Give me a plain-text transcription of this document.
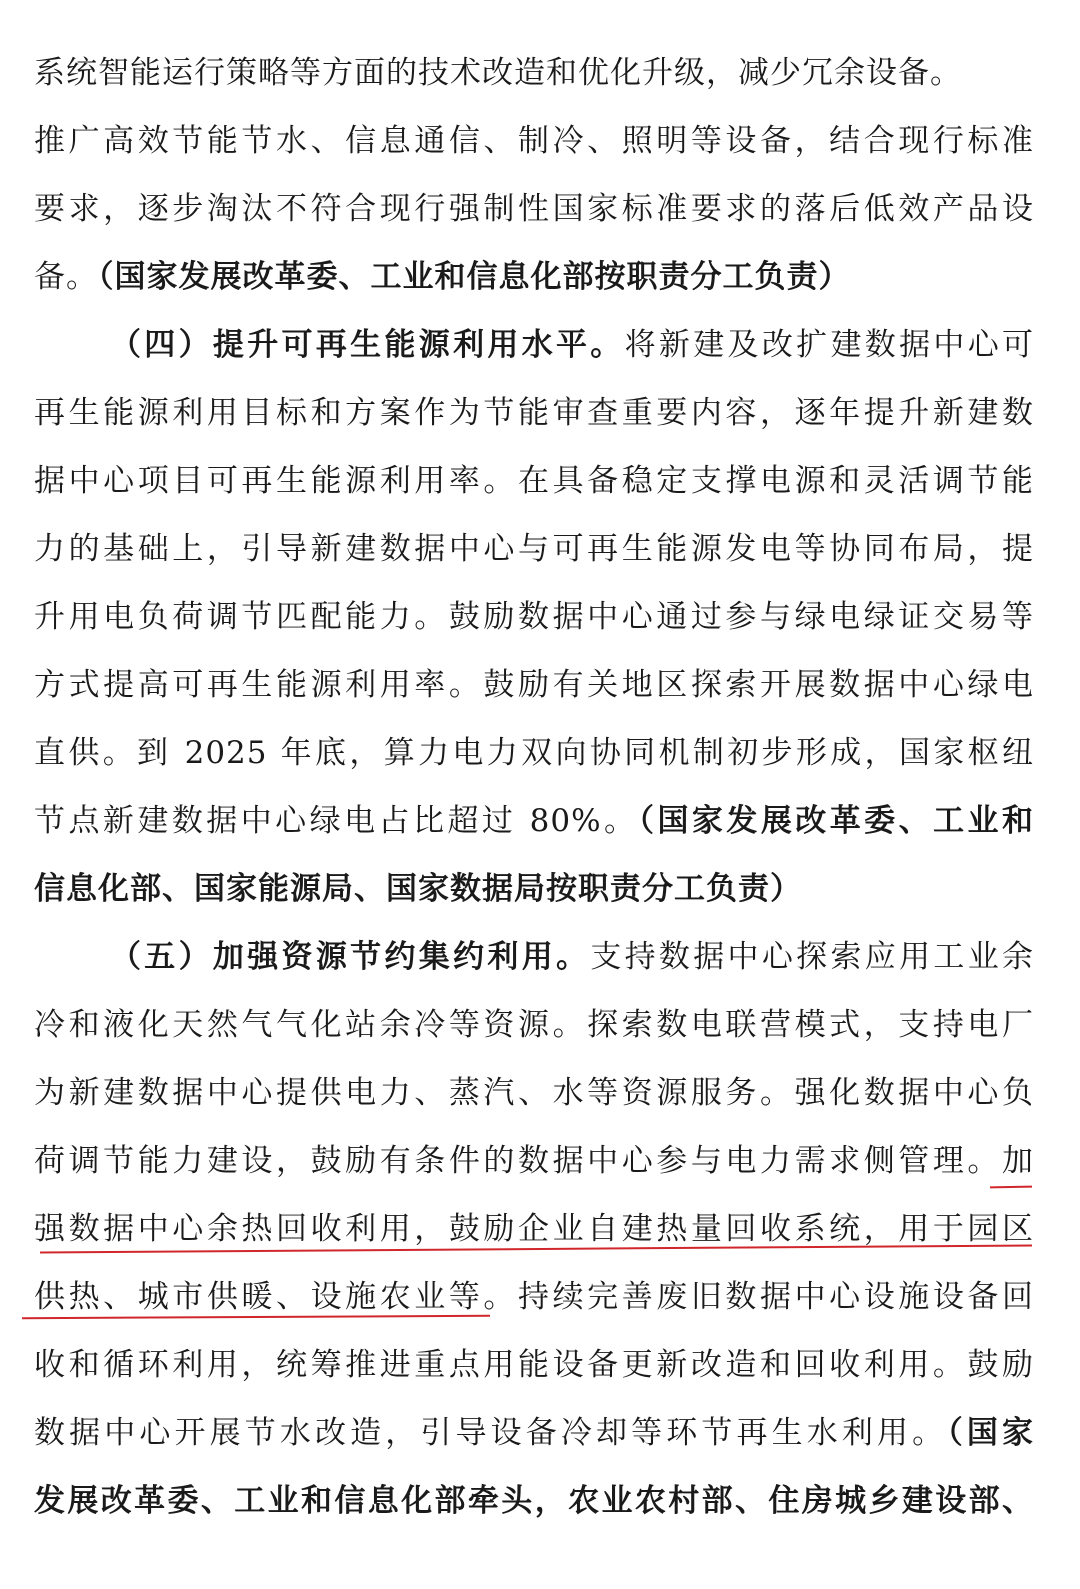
系统智能运行策略等方面的技术改造和优化升级，减少冗余设备。
推广高效节能节水、信息通信、制冷、照明等设备，结合现行标准
要求，逐步淘汰不符合现行强制性国家标准要求的落后低效产品设
备。（国家发展改革委、工业和信息化部按职责分工负责）
（四）提升可再生能源利用水平。将新建及改扩建数据中心可
再生能源利用目标和方案作为节能审查重要内容，逐年提升新建数
据中心项目可再生能源利用率。在具备稳定支撑电源和灵活调节能
力的基础上，引导新建数据中心与可再生能源发电等协同布局，提
升用电负荷调节匹配能力。鼓励数据中心通过参与绿电绿证交易等
方式提高可再生能源利用率。鼓励有关地区探索开展数据中心绿电
直供。到 2025 年底，算力电力双向协同机制初步形成，国家枢纽
节点新建数据中心绿电占比超过 80%。（国家发展改革委、工业和
信息化部、国家能源局、国家数据局按职责分工负责）
（五）加强资源节约集约利用。支持数据中心探索应用工业余
冷和液化天然气气化站余冷等资源。探索数电联营模式，支持电厂
为新建数据中心提供电力、蒸汽、水等资源服务。强化数据中心负
荷调节能力建设，鼓励有条件的数据中心参与电力需求侧管理。加
强数据中心余热回收利用，鼓励企业自建热量回收系统，用于园区
供热、城市供暖、设施农业等。持续完善废旧数据中心设施设备回
收和循环利用，统筹推进重点用能设备更新改造和回收利用。鼓励
数据中心开展节水改造，引导设备冷却等环节再生水利用。（国家
发展改革委、工业和信息化部牵头，农业农村部、住房城乡建设部、
